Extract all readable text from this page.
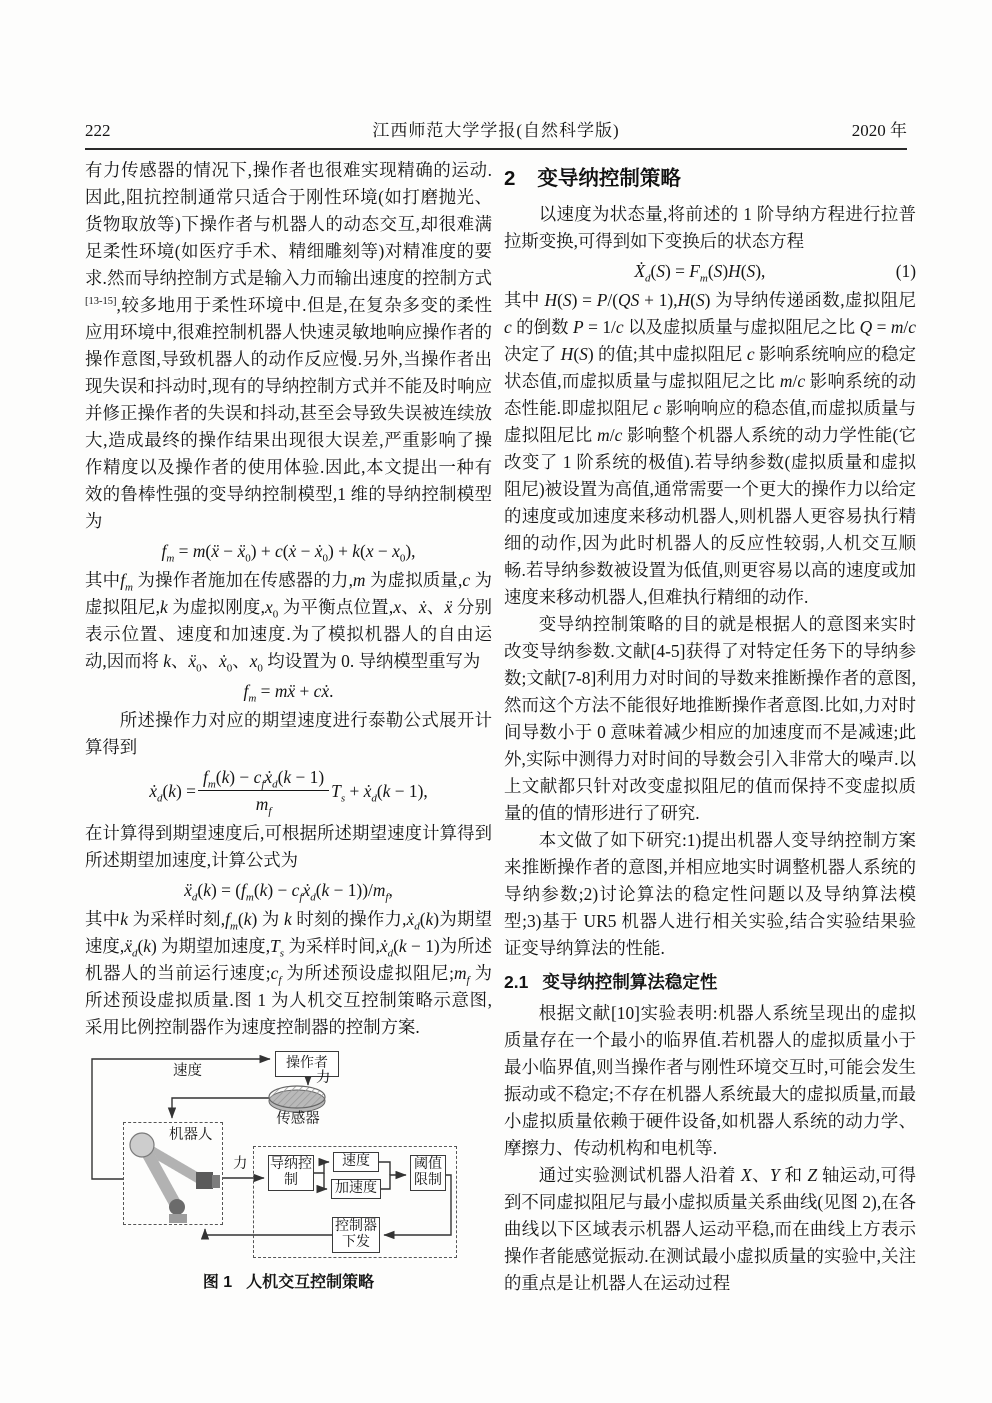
222	江西师范大学学报(自然科学版)	2020 年

有力传感器的情况下,操作者也很难实现精确的运动.因此,阻抗控制通常只适合于刚性环境(如打磨抛光、货物取放等)下操作者与机器人的动态交互,却很难满足柔性环境(如医疗手术、精细雕刻等)对精准度的要求.然而导纳控制方式是输入力而输出速度的控制方式[13-15],较多地用于柔性环境中.但是,在复杂多变的柔性应用环境中,很难控制机器人快速灵敏地响应操作者的操作意图,导致机器人的动作反应慢.另外,当操作者出现失误和抖动时,现有的导纳控制方式并不能及时响应并修正操作者的失误和抖动,甚至会导致失误被连续放大,造成最终的操作结果出现很大误差,严重影响了操作精度以及操作者的使用体验.因此,本文提出一种有效的鲁棒性强的变导纳控制模型,1 维的导纳控制模型为

$f_m$ = m(ẍ − ẍ$_0$) + c(ẋ − ẋ$_0$) + $k(x - x_0)$,

其中$f_m$ 为操作者施加在传感器的力,m 为虚拟质量,c 为虚拟阻尼,k 为虚拟刚度$,x_0$ 为平衡点位置,x、ẋ、ẍ 分别表示位置、速度和加速度.为了模拟机器人的自由运动,因而将 k、ẍ$_0$、ẋ$_0$、$x_0$ 均设置为 0. 导纳模型重写为

$f_m$ = mẍ + cẋ.

所述操作力对应的期望速度进行泰勒公式展开计算得到

ẋ$_d$(k) = $\frac{f_m(k) - c_fẋ_d(k - 1)}{m_f} T_s$ + ẋ$_d$(k − 1),

在计算得到期望速度后,可根据所述期望速度计算得到所述期望加速度,计算公式为

ẍ$_d$(k) = ($f_m(k)$ − $c_fẋ_d(k - 1))/m_f$,

其中k 为采样时刻$,f_m(k)$ 为 k 时刻的操作力,ẋ$_d$(k)为期望速度,ẍ$_d$(k) 为期望加速度$,T_s$ 为采样时间,ẋ$_d$(k − 1)为所述机器人的当前运行速度$;c_f$ 为所述预设虚拟阻尼$;m_f$ 为所述预设虚拟质量.图 1 为人机交互控制策略示意图,采用比例控制器作为速度控制器的控制方案.

操作者
力
传感器
速度
机器人
力 导纳控制
速度
加速度
阈值限制
控制器下发
图 1 人机交互控制策略
2 变导纳控制策略

以速度为状态量,将前述的 1 阶导纳方程进行拉普拉斯变换,可得到如下变换后的状态方程

Ẋ$_d$(S) = $F_m(S)H(S)$,	(1)

其中 H(S) = P/(QS + 1),H(S) 为导纳传递函数,虚拟阻尼 c 的倒数 P = 1/c 以及虚拟质量与虚拟阻尼之比 Q = m/c 决定了 H(S) 的值;其中虚拟阻尼 c 影响系统响应的稳定状态值,而虚拟质量与虚拟阻尼之比 m/c 影响系统的动态性能.即虚拟阻尼 c 影响响应的稳态值,而虚拟质量与虚拟阻尼比 m/c 影响整个机器人系统的动力学性能(它改变了 1 阶系统的极值).若导纳参数(虚拟质量和虚拟阻尼)被设置为高值,通常需要一个更大的操作力以给定的速度或加速度来移动机器人,则机器人更容易执行精细的动作,因为此时机器人的反应性较弱,人机交互顺畅.若导纳参数被设置为低值,则更容易以高的速度或加速度来移动机器人,但难执行精细的动作.

变导纳控制策略的目的就是根据人的意图来实时改变导纳参数.文献[4-5]获得了对特定任务下的导纳参数;文献[7-8]利用力对时间的导数来推断操作者的意图,然而这个方法不能很好地推断操作者意图.比如,力对时间导数小于 0 意味着减少相应的加速度而不是减速;此外,实际中测得力对时间的导数会引入非常大的噪声.以上文献都只针对改变虚拟阻尼的值而保持不变虚拟质量的值的情形进行了研究.

本文做了如下研究:1)提出机器人变导纳控制方案来推断操作者的意图,并相应地实时调整机器人系统的导纳参数;2)讨论算法的稳定性问题以及导纳算法模型;3)基于 UR5 机器人进行相关实验,结合实验结果验证变导纳算法的性能.

2.1 变导纳控制算法稳定性

根据文献[10]实验表明:机器人系统呈现出的虚拟质量存在一个最小的临界值.若机器人的虚拟质量小于最小临界值,则当操作者与刚性环境交互时,可能会发生振动或不稳定;不存在机器人系统最大的虚拟质量,而最小虚拟质量依赖于硬件设备,如机器人系统的动力学、摩擦力、传动机构和电机等.

通过实验测试机器人沿着 X、Y 和 Z 轴运动,可得到不同虚拟阻尼与最小虚拟质量关系曲线(见图 2),在各曲线以下区域表示机器人运动平稳,而在曲线上方表示操作者能感觉振动.在测试最小虚拟质量的实验中,关注的重点是让机器人在运动过程
